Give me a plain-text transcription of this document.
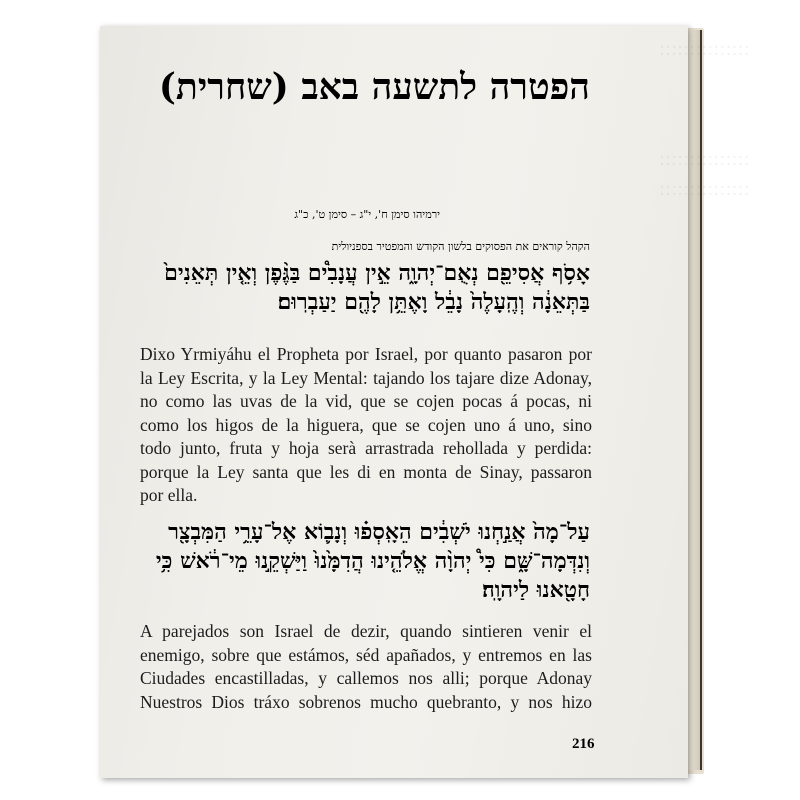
׃ ׃ ׃ ׃ ׃ ׃ ׃ ׃ ׃ ׃ ׃ ׃ ׃ ׃ ׃ ׃
׃ ׃ ׃ ׃ ׃ ׃ ׃ ׃ ׃ ׃ ׃ ׃ ׃ ׃ ׃ ׃
׃ ׃ ׃ ׃ ׃ ׃ ׃ ׃ ׃ ׃ ׃ ׃ ׃ ׃ ׃ ׃
הפטרה לתשעה באב (שחרית)
ירמיהו סימן ח', י"ג – סימן ט', כ"ג
הקהל קוראים את הפסוקים בלשון הקודש והמפטיר בספניולית
אָסֹ֥ף אֲסִיפֵ֖ם נְאֻם־יְהוָ֑ה אֵ֣ין עֲנָבִ֩ים בַּגֶּ֨פֶן וְאֵ֤ין תְּאֵנִים֙
בַּתְּאֵנָ֔ה וְהֶֽעָלֶה֙ נָבֵ֔ל וָאֶתֵּ֥ן לָהֶ֖ם יַעַבְרֽוּם׃
Dixo Yrmiyáhu el Propheta por Israel, por quanto pasaron por
la Ley Escrita, y la Ley Mental: tajando los tajare dize Adonay,
no como las uvas de la vid, que se cojen pocas á pocas, ni
como los higos de la higuera, que se cojen uno á uno, sino
todo junto, fruta y hoja serà arrastrada rehollada y perdida:
porque la Ley santa que les di en monta de Sinay, passaron
por ella.
עַל־מָה֙ אֲנַ֣חְנוּ יֹשְׁבִ֔ים הֵאָֽסְפ֗וּ וְנָב֛וֹא אֶל־עָרֵ֥י הַמִּבְצָ֖ר
וְנִדְּמָה־שָּׁ֑ם כִּי֩ יְהוָ֨ה אֱלֹהֵ֤ינוּ הֲדִמָּ֙נוּ֙ וַיַּשְׁקֵ֣נוּ מֵי־רֹ֔אשׁ כִּ֥י
חָטָ֖אנוּ לַיהוָֽה׃
A parejados son Israel de dezir, quando sintieren venir el
enemigo, sobre que estámos, séd apañados, y entremos en las
Ciudades encastilladas, y callemos nos alli; porque Adonay
Nuestros Dios tráxo sobrenos mucho quebranto, y nos hizo
216
